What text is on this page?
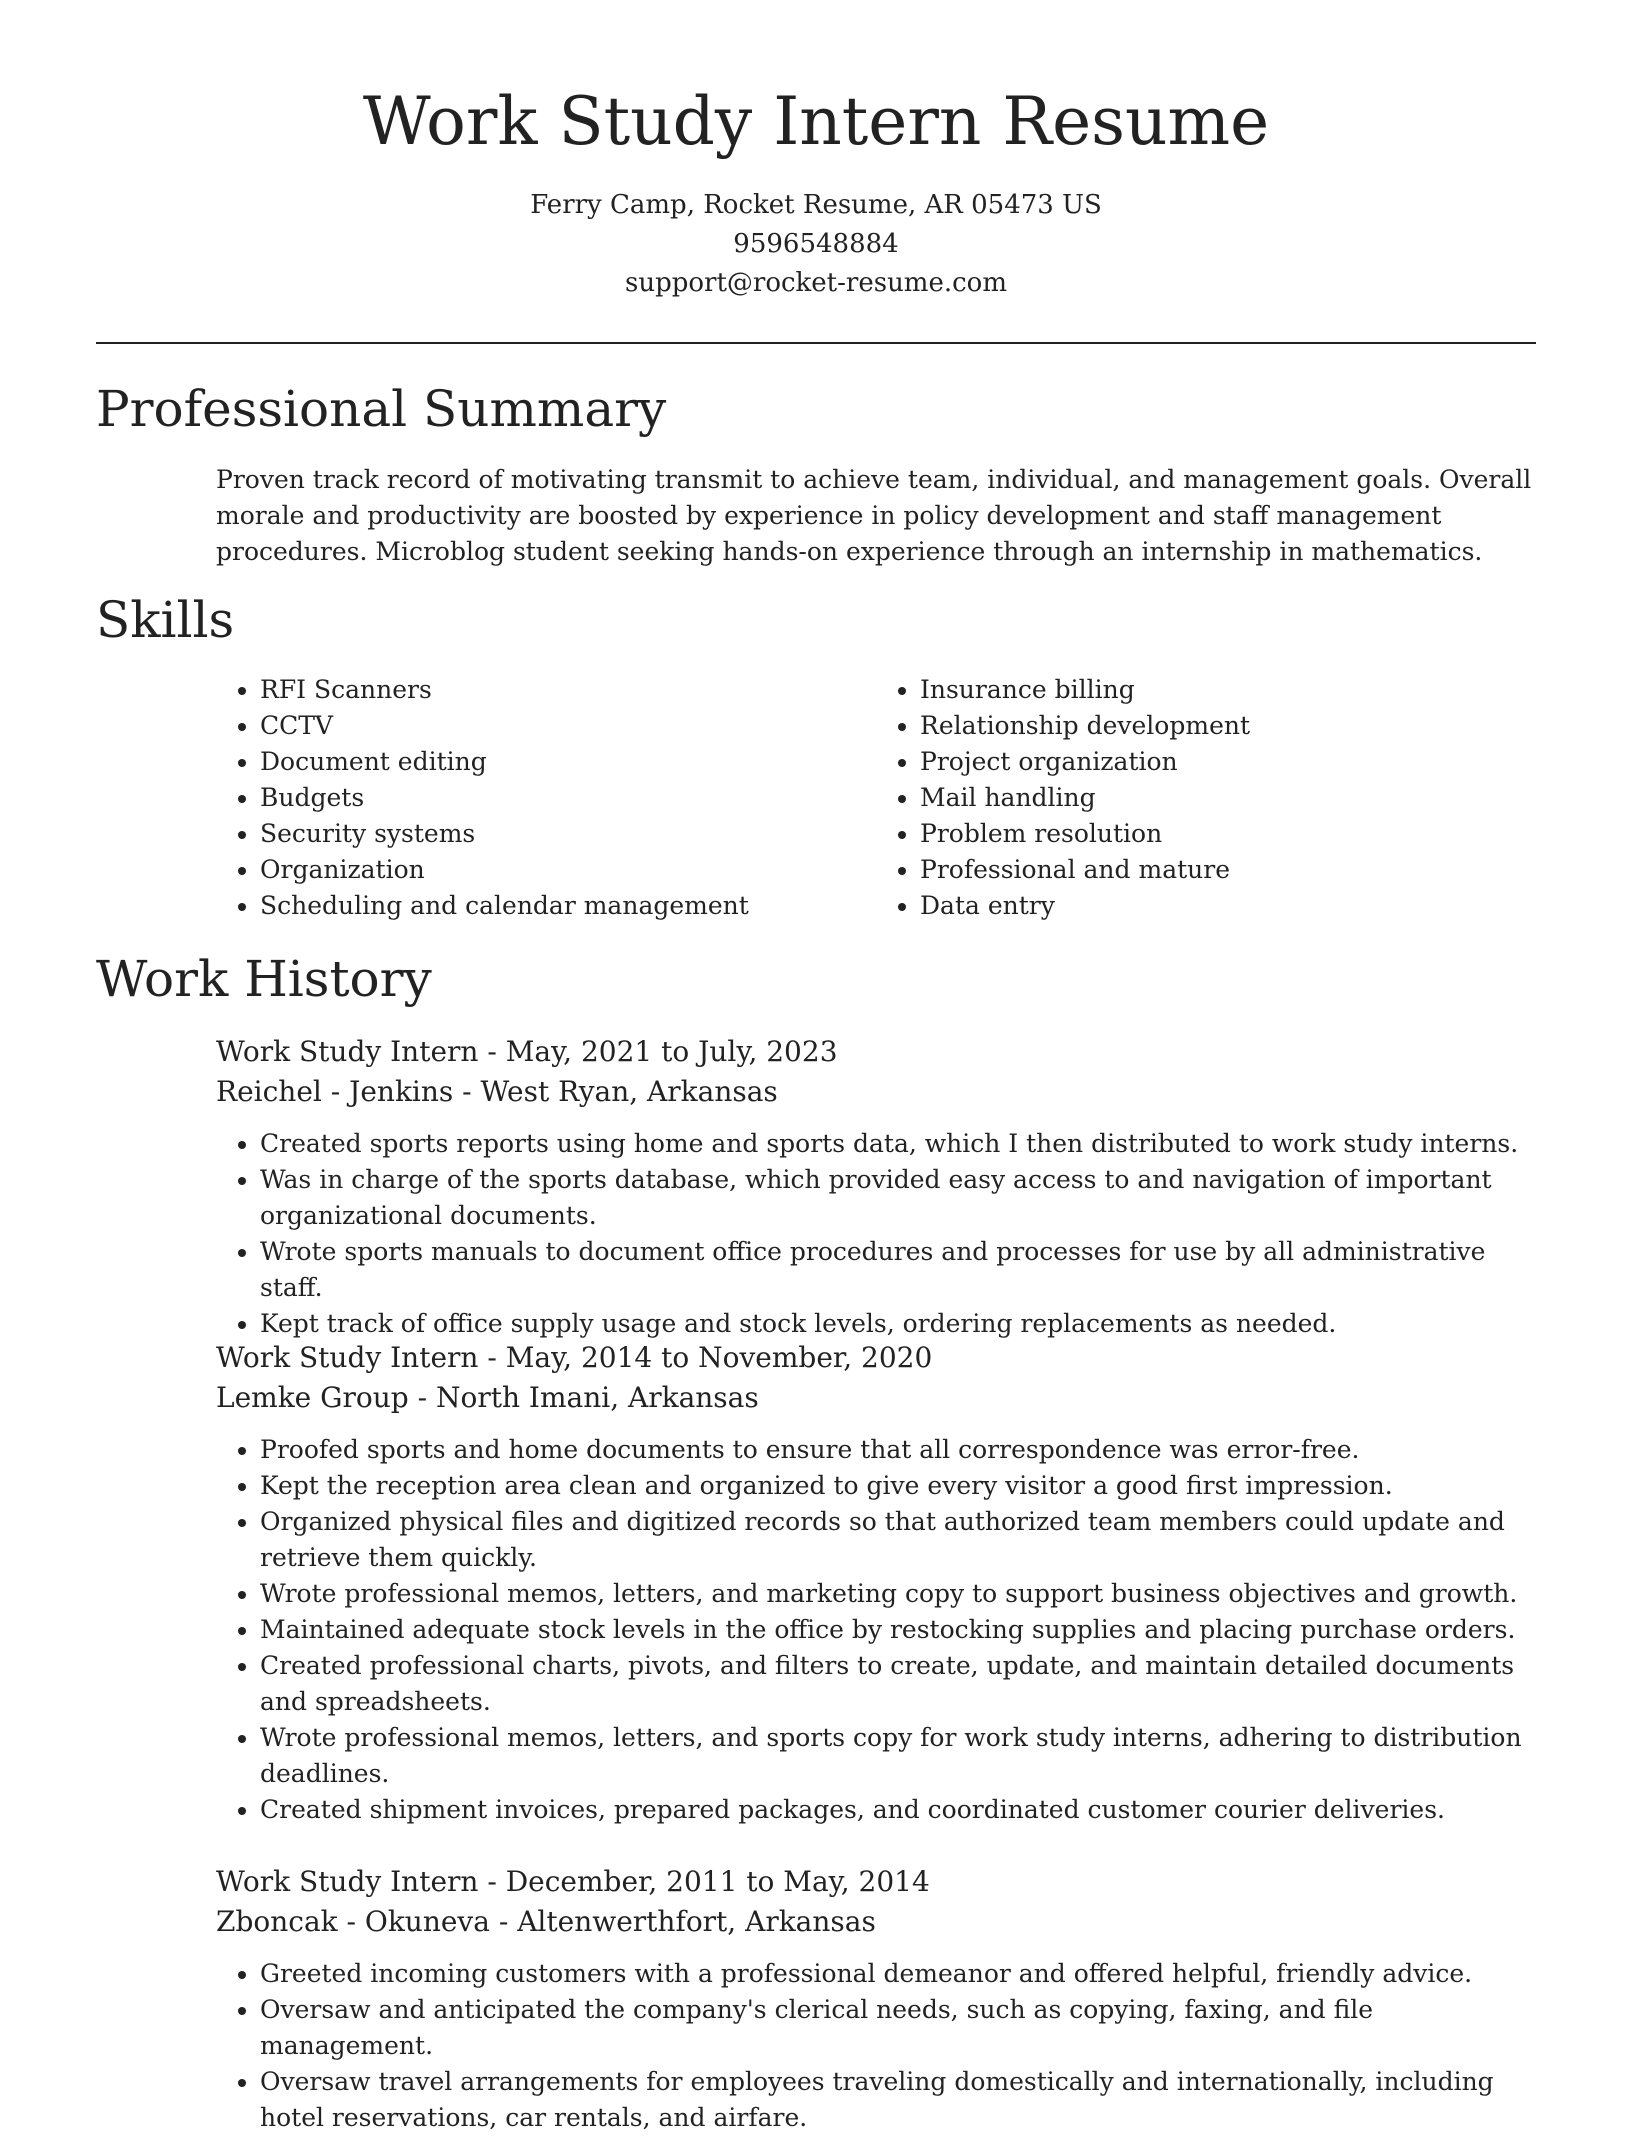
Work Study Intern Resume
Ferry Camp, Rocket Resume, AR 05473 US
9596548884
support@rocket-resume.com
Professional Summary

Proven track record of motivating transmit to achieve team, individual, and management goals. Overall morale and productivity are boosted by experience in policy development and staff management procedures. Microblog student seeking hands-on experience through an internship in mathematics.

Skills
• RFI Scanners
• CCTV
• Document editing
• Budgets
• Security systems
• Organization
• Scheduling and calendar management
• Insurance billing
• Relationship development
• Project organization
• Mail handling
• Problem resolution
• Professional and mature
• Data entry
Work History
Work Study Intern - May, 2021 to July, 2023
Reichel - Jenkins - West Ryan, Arkansas
• Created sports reports using home and sports data, which I then distributed to work study interns.
• Was in charge of the sports database, which provided easy access to and navigation of important organizational documents.
• Wrote sports manuals to document office procedures and processes for use by all administrative staff.
• Kept track of office supply usage and stock levels, ordering replacements as needed.
Work Study Intern - May, 2014 to November, 2020
Lemke Group - North Imani, Arkansas
• Proofed sports and home documents to ensure that all correspondence was error-free.
• Kept the reception area clean and organized to give every visitor a good first impression.
• Organized physical files and digitized records so that authorized team members could update and retrieve them quickly.
• Wrote professional memos, letters, and marketing copy to support business objectives and growth.
• Maintained adequate stock levels in the office by restocking supplies and placing purchase orders.
• Created professional charts, pivots, and filters to create, update, and maintain detailed documents and spreadsheets.
• Wrote professional memos, letters, and sports copy for work study interns, adhering to distribution deadlines.
• Created shipment invoices, prepared packages, and coordinated customer courier deliveries.
Work Study Intern - December, 2011 to May, 2014
Zboncak - Okuneva - Altenwerthfort, Arkansas
• Greeted incoming customers with a professional demeanor and offered helpful, friendly advice.
• Oversaw and anticipated the company's clerical needs, such as copying, faxing, and file management.
• Oversaw travel arrangements for employees traveling domestically and internationally, including hotel reservations, car rentals, and airfare.
